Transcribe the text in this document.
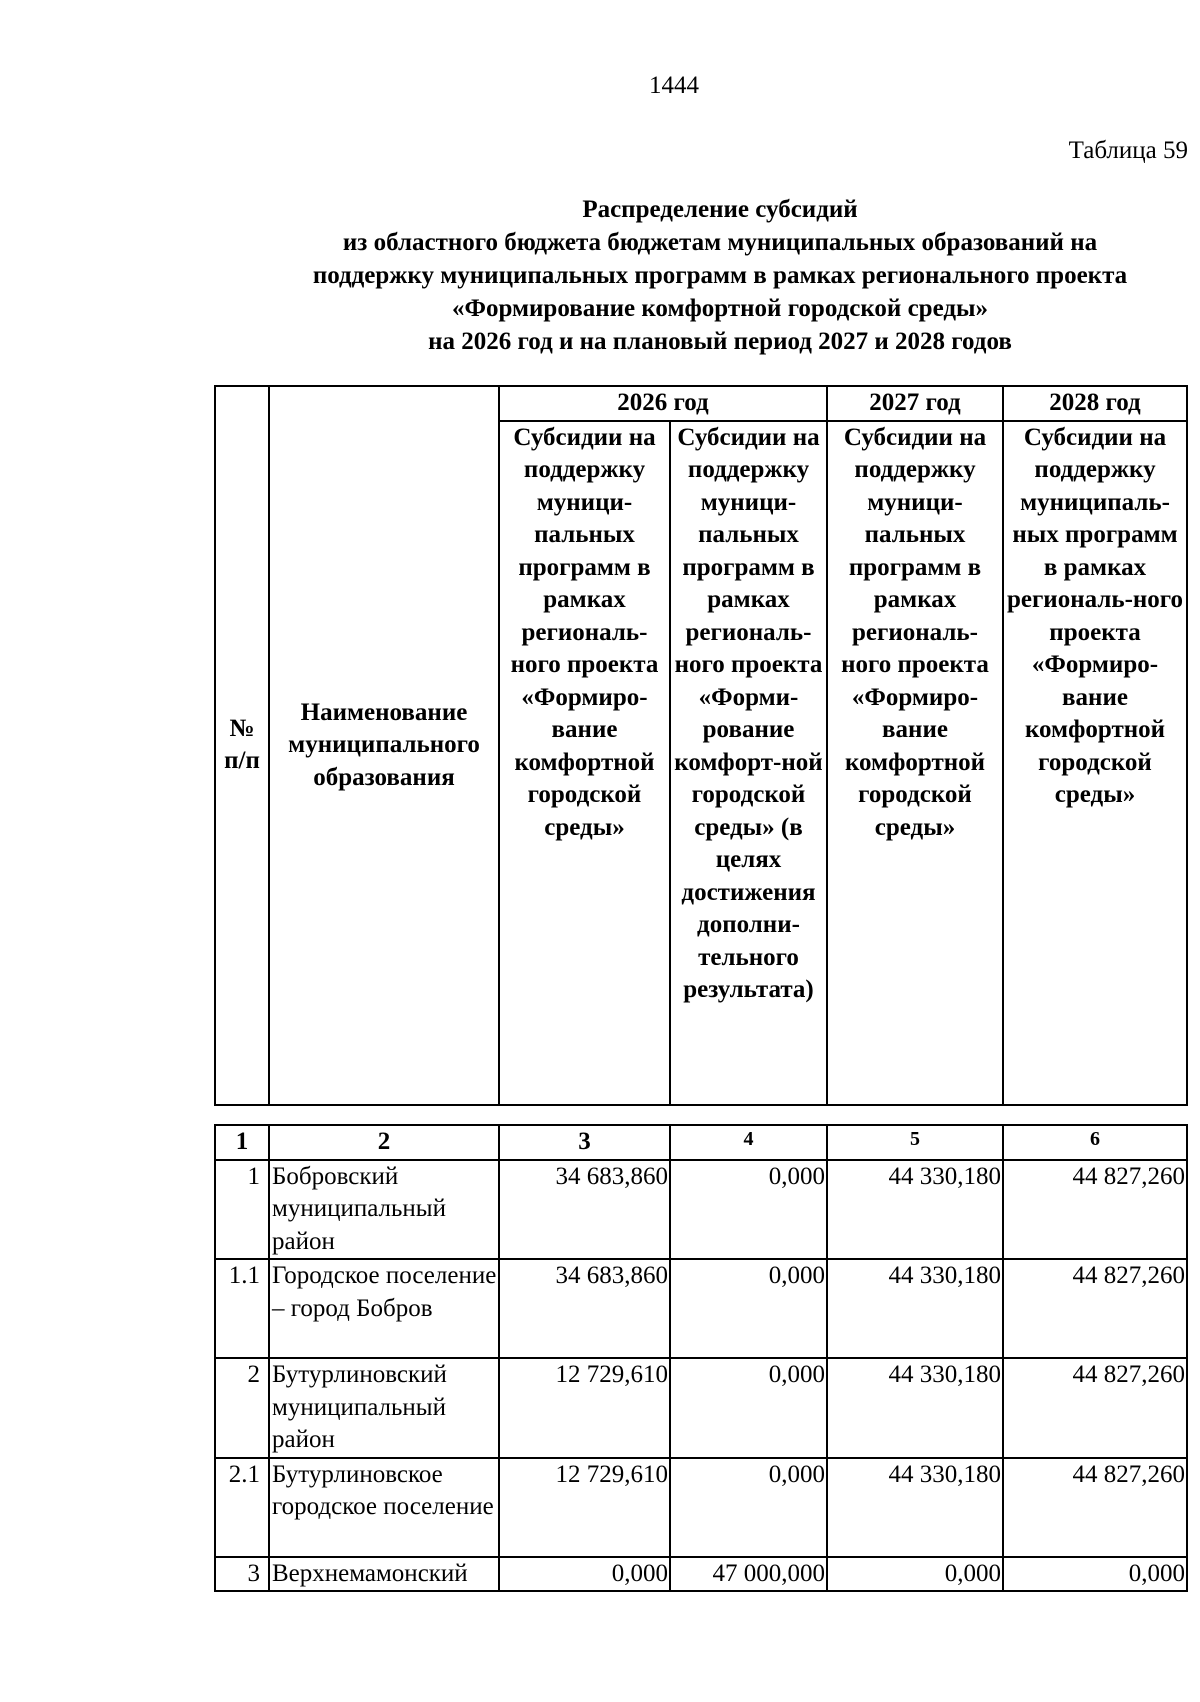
1444
Таблица 59
Распределение субсидий
из областного бюджета бюджетам муниципальных образований на
поддержку муниципальных программ в рамках регионального проекта
«Формирование комфортной городской среды»
на 2026 год и на плановый период 2027 и 2028 годов
№ п/п	Наименование муниципального образования	2026 год		2027 год	2028 год

		Субсидии на поддержку муници-пальных программ в рамках региональ-ного проекта «Формиро-вание комфортной городской среды»	Субсидии на поддержку муници-пальных программ в рамках региональ-ного проекта «Форми-рование комфорт-ной городской среды» (в целях достижения дополни-тельного результата)	Субсидии на поддержку муници-пальных программ в рамках региональ-ного проекта «Формиро-вание комфортной городской среды»	Субсидии на поддержку муниципаль-ных программ в рамках региональ-ного проекта «Формиро-вание комфортной городской среды»
1	2	3	4	5	6
1	Бобровский муниципальный район	34 683,860	0,000	44 330,180	44 827,260
1.1	Городское поселение – город Бобров	34 683,860	0,000	44 330,180	44 827,260
2	Бутурлиновский муниципальный район	12 729,610	0,000	44 330,180	44 827,260
2.1	Бутурлиновское городское поселение	12 729,610	0,000	44 330,180	44 827,260
3	Верхнемамонский	0,000	47 000,000	0,000	0,000
